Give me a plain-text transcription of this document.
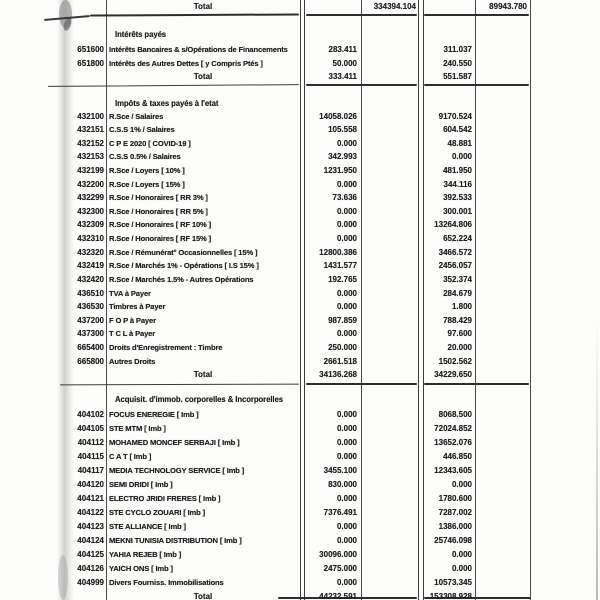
Total	334394.104	89943.780
Intérêts payés
651600 Intérêts Bancaires & s/Opérations de Financements	283.411	311.037
651800 Intérêts des Autres Dettes [ y Compris Ptés ]	50.000	240.550
Total	333.411	551.587
Impôts & taxes payés à l'etat
432100 R.Sce / Salaires	14058.026	9170.524
432151 C.S.S 1% / Salaires	105.558	604.542
432152 C P E 2020 [ COVID-19 ]	0.000	48.881
432153 C.S.S 0.5% / Salaires	342.993	0.000
432199 R.Sce / Loyers [ 10% ]	1231.950	481.950
432200 R.Sce / Loyers [ 15% ]	0.000	344.116
432299 R.Sce / Honoraires [ RR 3% ]	73.636	392.533
432300 R.Sce / Honoraires [ RR 5% ]	0.000	300.001
432309 R.Sce / Honoraires [ RF 10% ]	0.000	13264.806
432310 R.Sce / Honoraires [ RF 15% ]	0.000	652.224
432320 R.Sce / Rémunérat° Occasionnelles [ 15% ]	12800.386	3466.572
432419 R.Sce / Marchés 1% - Opérations [ I.S 15% ]	1431.577	2456.057
432420 R.Sce / Marchés 1.5% - Autres Opérations	192.765	352.374
436510 TVA à Payer	0.000	284.679
436530 Timbres à Payer	0.000	1.800
437200 F O P à Payer	987.859	788.429
437300 T C L à Payer	0.000	97.600
665400 Droits d'Enregistrement : Timbre	250.000	20.000
665800 Autres Droits	2661.518	1502.562
Total	34136.268	34229.650
Acquisit. d'immob. corporelles & Incorporelles
404102 FOCUS ENEREGIE [ Imb ]	0.000	8068.500
404105 STE MTM [ Imb ]	0.000	72024.852
404112 MOHAMED MONCEF SERBAJI [ Imb ]	0.000	13652.076
404115 C A T [ Imb ]	0.000	446.850
404117 MEDIA TECHNOLOGY SERVICE [ Imb ]	3455.100	12343.605
404120 SEMI DRIDI [ Imb ]	830.000	0.000
404121 ELECTRO JRIDI FRERES [ Imb ]	0.000	1780.600
404122 STE CYCLO ZOUARI [ Imb ]	7376.491	7287.002
404123 STE ALLIANCE [ Imb ]	0.000	1386.000
404124 MEKNI TUNISIA DISTRIBUTION [ Imb ]	0.000	25746.098
404125 YAHIA REJEB [ Imb ]	30096.000	0.000
404126 YAICH ONS [ Imb ]	2475.000	0.000
404999 Divers Fourniss. Immobilisations	0.000	10573.345
Total	44232.591	153308.928
